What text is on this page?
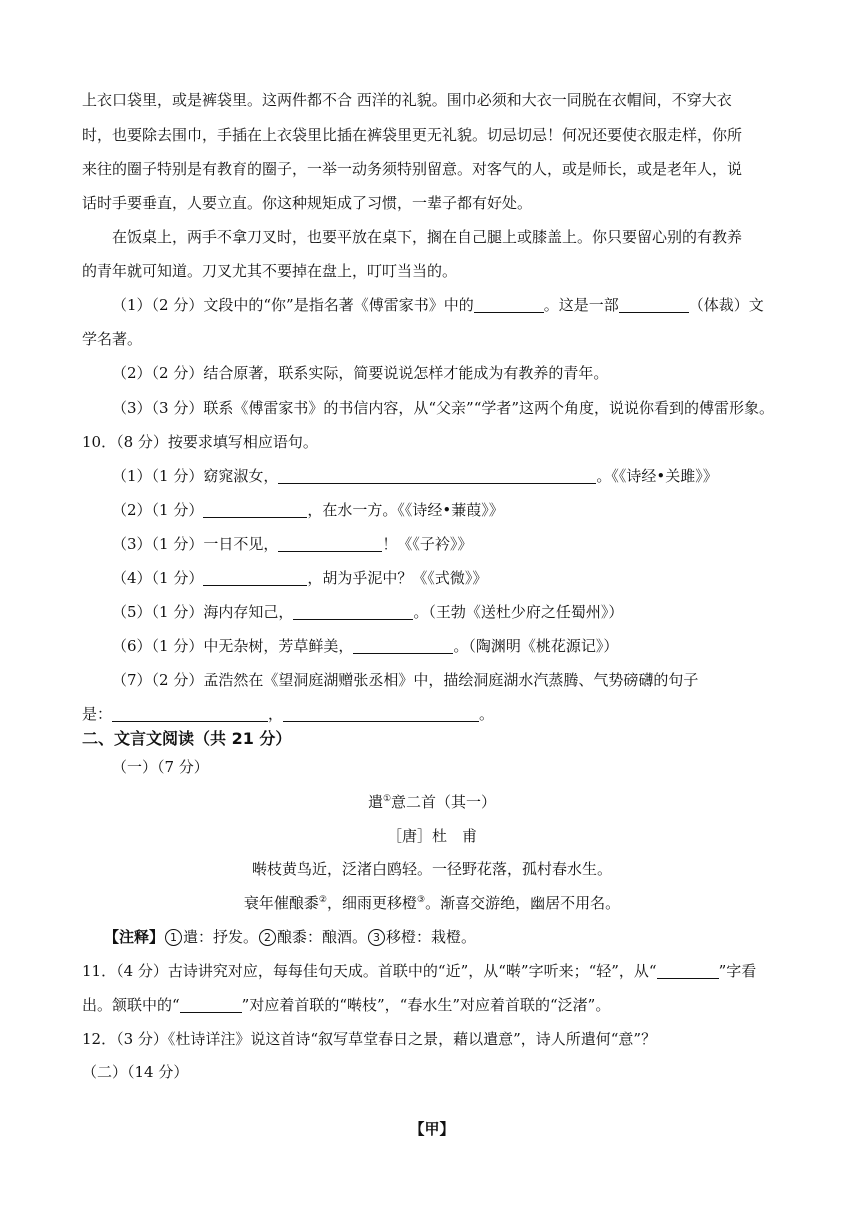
上衣口袋里，或是裤袋里。这两件都不合 西洋的礼貌。围巾必须和大衣一同脱在衣帽间，不穿大衣
时，也要除去围巾，手插在上衣袋里比插在裤袋里更无礼貌。切忌切忌！何况还要使衣服走样，你所
来往的圈子特别是有教育的圈子，一举一动务须特别留意。对客气的人，或是师长，或是老年人，说
话时手要垂直，人要立直。你这种规矩成了习惯，一辈子都有好处。
在饭桌上，两手不拿刀叉时，也要平放在桌下，搁在自己腿上或膝盖上。你只要留心别的有教养
的青年就可知道。刀叉尤其不要掉在盘上，叮叮当当的。
（1）（2 分）文段中的“你”是指名著《傅雷家书》中的	。这是一部	（体裁）文
学名著。
（2）（2 分）结合原著，联系实际，简要说说怎样才能成为有教养的青年。
（3）（3 分）联系《傅雷家书》的书信内容，从“父亲”“学者”这两个角度，说说你看到的傅雷形象。
10．（8 分）按要求填写相应语句。
（1）（1 分）窈窕淑女，	。《《诗经•关雎》》
（2）（1 分）	，在水一方。《《诗经•蒹葭》》
（3）（1 分）一日不见，	！《《子衿》》
（4）（1 分）	，胡为乎泥中？《《式微》》
（5）（1 分）海内存知己，	。（王勃《送杜少府之任蜀州》）
（6）（1 分）中无杂树，芳草鲜美，	。（陶渊明《桃花源记》）
（7）（2 分）孟浩然在《望洞庭湖赠张丞相》中，描绘洞庭湖水汽蒸腾、气势磅礴的句子
是：	，	。
二、文言文阅读（共 21 分）
（一）（7 分）
遣①意二首（其一）
［唐］杜　甫
啭枝黄鸟近，泛渚白鸥轻。一径野花落，孤村春水生。
衰年催酿黍②，细雨更移橙③。渐喜交游绝，幽居不用名。
【注释】 1 遣：抒发。 2 酿黍：酿酒。 3 移橙：栽橙。
11．（4 分）古诗讲究对应，每每佳句天成。首联中的“近”，从“啭”字听来；“轻”，从“	”字看
出。颔联中的“	”对应着首联的“啭枝”，“春水生”对应着首联的“泛渚”。
12．（3 分）《杜诗详注》说这首诗“叙写草堂春日之景，藉以遣意”，诗人所遣何“意”？
（二）（14 分）
【甲】
